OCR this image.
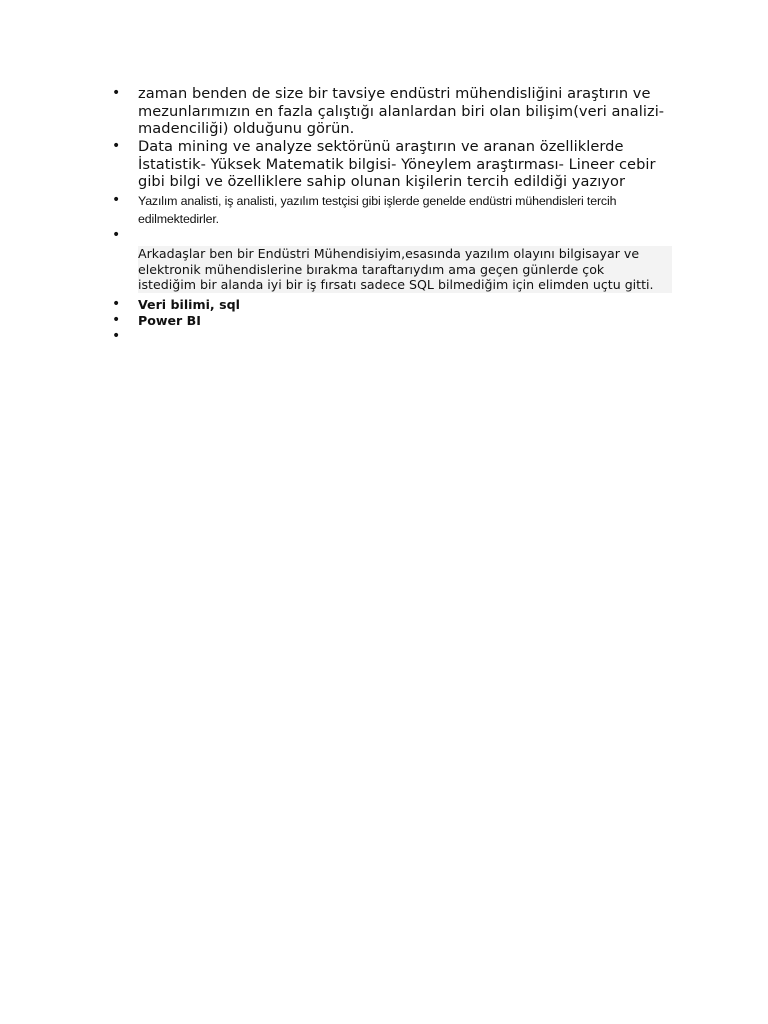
• zaman benden de size bir tavsiye endüstri mühendisliğini araştırın ve
mezunlarımızın en fazla çalıştığı alanlardan biri olan bilişim(veri analizi-
madenciliği) olduğunu görün.
• Data mining ve analyze sektörünü araştırın ve aranan özelliklerde
İstatistik- Yüksek Matematik bilgisi- Yöneylem araştırması- Lineer cebir
gibi bilgi ve özelliklere sahip olunan kişilerin tercih edildiği yazıyor
• Yazılım analisti, iş analisti, yazılım testçisi gibi işlerde genelde endüstri mühendisleri tercih
edilmektedirler.
•
Arkadaşlar ben bir Endüstri Mühendisiyim,esasında yazılım olayını bilgisayar ve
elektronik mühendislerine bırakma taraftarıydım ama geçen günlerde çok
istediğim bir alanda iyi bir iş fırsatı sadece SQL bilmediğim için elimden uçtu gitti.
• Veri bilimi, sql
• Power BI
•
